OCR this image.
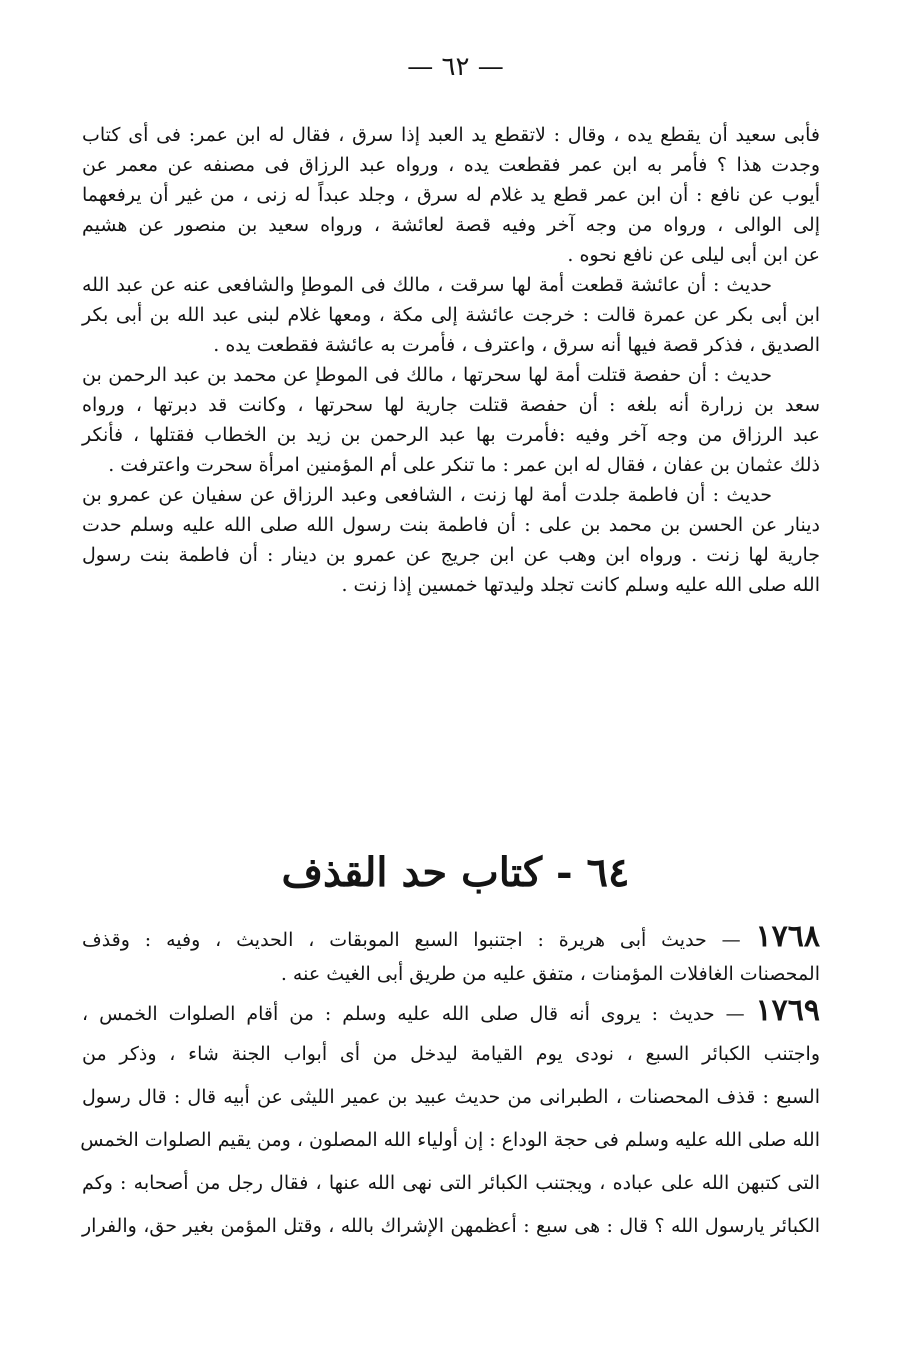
— ٦٢ —
فأبى سعيد أن يقطع يده ، وقال : لاتقطع يد العبد إذا سرق ، فقال له ابن عمر: فى أى كتاب
وجدت هذا ؟ فأمر به ابن عمر فقطعت يده ، ورواه عبد الرزاق فى مصنفه عن معمر عن
أيوب عن نافع : أن ابن عمر قطع يد غلام له سرق ، وجلد عبداً له زنى ، من غير أن يرفعهما
إلى الوالى ، ورواه من وجه آخر وفيه قصة لعائشة ، ورواه سعيد بن منصور عن هشيم
عن ابن أبى ليلى عن نافع نحوه .
حديث : أن عائشة قطعت أمة لها سرقت ، مالك فى الموطإ والشافعى عنه عن عبد الله
ابن أبى بكر عن عمرة قالت : خرجت عائشة إلى مكة ، ومعها غلام لبنى عبد الله بن أبى بكر
الصديق ، فذكر قصة فيها أنه سرق ، واعترف ، فأمرت به عائشة فقطعت يده .
حديث : أن حفصة قتلت أمة لها سحرتها ، مالك فى الموطإ عن محمد بن عبد الرحمن بن
سعد بن زرارة أنه بلغه : أن حفصة قتلت جارية لها سحرتها ، وكانت قد دبرتها ، ورواه
عبد الرزاق من وجه آخر وفيه :فأمرت بها عبد الرحمن بن زيد بن الخطاب فقتلها ، فأنكر
ذلك عثمان بن عفان ، فقال له ابن عمر : ما تنكر على أم المؤمنين امرأة سحرت واعترفت .
حديث : أن فاطمة جلدت أمة لها زنت ، الشافعى وعبد الرزاق عن سفيان عن عمرو بن
دينار عن الحسن بن محمد بن على : أن فاطمة بنت رسول الله صلى الله عليه وسلم حدت
جارية لها زنت . ورواه ابن وهب عن ابن جريج عن عمرو بن دينار : أن فاطمة بنت رسول
الله صلى الله عليه وسلم كانت تجلد وليدتها خمسين إذا زنت .
٦٤ - كتاب حد القذف
١٧٦٨ — حديث أبى هريرة : اجتنبوا السبع الموبقات ، الحديث ، وفيه : وقذف
المحصنات الغافلات المؤمنات ، متفق عليه من طريق أبى الغيث عنه .
١٧٦٩ — حديث : يروى أنه قال صلى الله عليه وسلم : من أقام الصلوات الخمس ،
واجتنب الكبائر السبع ، نودى يوم القيامة ليدخل من أى أبواب الجنة شاء ، وذكر من
السبع : قذف المحصنات ، الطبرانى من حديث عبيد بن عمير الليثى عن أبيه قال : قال رسول
الله صلى الله عليه وسلم فى حجة الوداع : إن أولياء الله المصلون ، ومن يقيم الصلوات الخمس
التى كتبهن الله على عباده ، ويجتنب الكبائر التى نهى الله عنها ، فقال رجل من أصحابه : وكم
الكبائر يارسول الله ؟ قال : هى سبع : أعظمهن الإشراك بالله ، وقتل المؤمن بغير حق، والفرار
